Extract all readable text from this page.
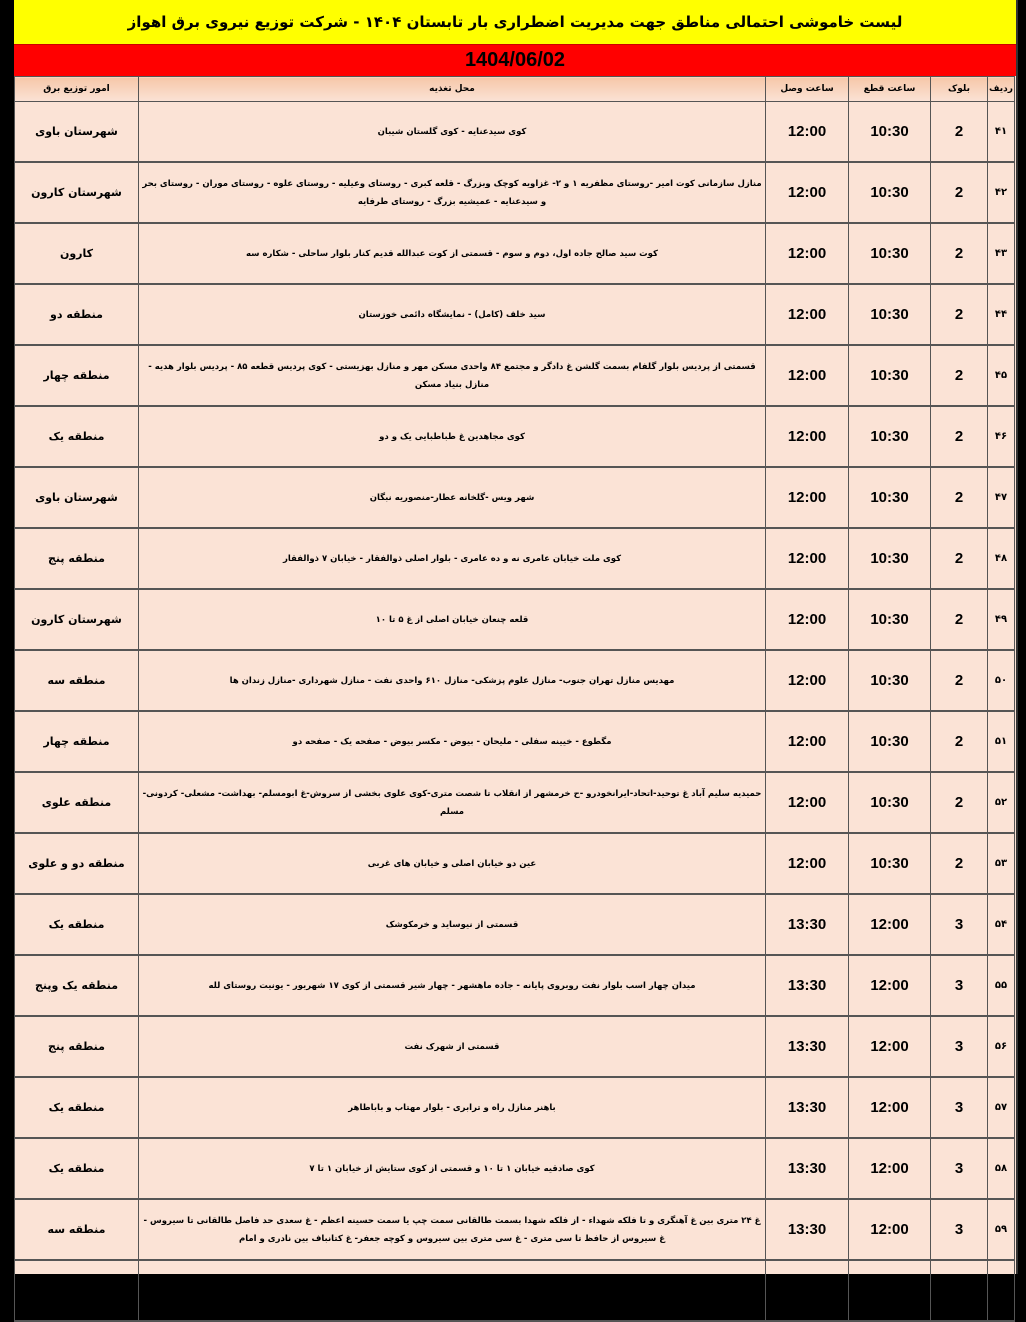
لیست خاموشی احتمالی مناطق جهت مدیریت اضطراری بار تابستان ۱۴۰۴ - شرکت توزیع نیروی برق اهواز
1404/06/02
ردیف	بلوک	ساعت قطع	ساعت وصل	محل تغذیه	امور توزیع برق
۴۱	2	10:30	12:00	کوی سیدعنایه - کوی گلستان شیبان	شهرستان باوی
۴۲	2	10:30	12:00	منازل سازمانی کوت امیر -روستای مظفریه ۱ و ۲- غزاویه کوچک وبزرگ - قلعه کبری - روستای وعیلیه - روستای علوه - روستای موران - روستای بحر و سیدعنایه - عمیشیه بزرگ - روستای طرفایه	شهرستان کارون
۴۳	2	10:30	12:00	کوت سید صالح جاده اول، دوم و سوم - قسمتی از کوت عبدالله قدیم کنار بلوار ساحلی - شکاره سه	کارون
۴۴	2	10:30	12:00	سید خلف (کامل) - نمایشگاه دائمی خوزستان	منطقه دو
۴۵	2	10:30	12:00	قسمتی از پردیس بلوار گلفام بسمت گلشن غ دادگر و مجتمع ۸۴ واحدی مسکن مهر و منازل بهزیستی - کوی پردیس قطعه ۸۵ - پردیس بلوار هدیه - منازل بنیاد مسکن	منطقه چهار
۴۶	2	10:30	12:00	کوی مجاهدین غ طباطبایی یک و دو	منطقه یک
۴۷	2	10:30	12:00	شهر ویس -گلخانه عطار-منصوریه نبگان	شهرستان باوی
۴۸	2	10:30	12:00	کوی ملت خیابان عامری نه و ده عامری - بلوار اصلی ذوالفقار - خیابان ۷ ذوالفقار	منطقه پنج
۴۹	2	10:30	12:00	قلعه چنعان خیابان اصلی از غ ۵ تا ۱۰	شهرستان کارون
۵۰	2	10:30	12:00	مهدیس منازل تهران جنوب- منازل علوم پزشکی- منازل ۶۱۰ واحدی نفت - منازل شهرداری -منازل زندان ها	منطقه سه
۵۱	2	10:30	12:00	مگطوع - خیینه سفلی - ملیحان - بیوض - مکسر بیوض - صفحه یک - صفحه دو	منطقه چهار
۵۲	2	10:30	12:00	حمیدیه سلیم آباد غ توحید-اتحاد-ایرانخودرو -ح خرمشهر از انقلاب تا شصت متری-کوی علوی بخشی از سروش-غ ابومسلم- بهداشت- مشعلی- کردونی-مسلم	منطقه علوی
۵۳	2	10:30	12:00	عین دو خیابان اصلی و خیابان های غربی	منطقه دو و علوی
۵۴	3	12:00	13:30	قسمتی از نیوساید و خرمکوشک	منطقه یک
۵۵	3	12:00	13:30	میدان چهار اسب بلوار نفت روبروی پایانه - جاده ماهشهر - چهار شیر قسمتی از کوی ۱۷ شهریور - یونیت روستای لله	منطقه یک وپنج
۵۶	3	12:00	13:30	قسمتی از شهرک نفت	منطقه پنج
۵۷	3	12:00	13:30	باهنر منازل راه و ترابری - بلوار مهتاب و باباطاهر	منطقه یک
۵۸	3	12:00	13:30	کوی صادقیه خیابان ۱ تا ۱۰ و قسمتی از کوی ستایش از خیابان ۱ تا ۷	منطقه یک
۵۹	3	12:00	13:30	غ ۲۴ متری بین غ آهنگری و تا فلکه شهداء - از فلکه شهدا بسمت طالقانی سمت چپ یا سمت حسینه اعظم - غ سعدی حد فاصل طالقانی تا سیروس - غ سیروس از حافظ تا سی متری - غ سی متری بین سیروس و کوچه جعفر- غ کتانباف بین نادری و امام	منطقه سه
۶۰	3	12:00	13:30	غ فرهنگ از زند تا نادری - غ ادهم از عظیم تا کافی - غ جهانیان از فرهنگ تا سی متری	منطقه سه
